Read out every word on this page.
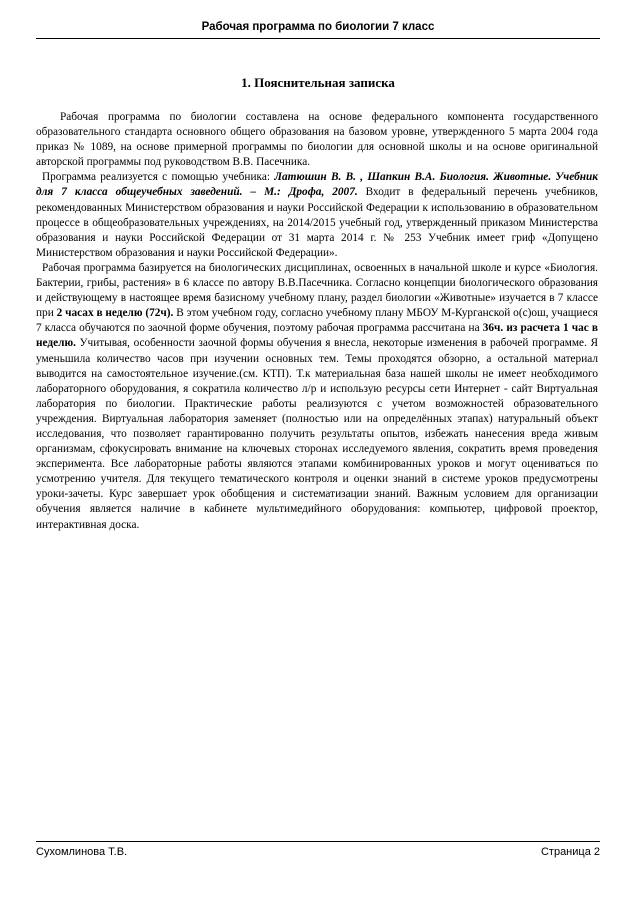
Рабочая программа по биологии 7 класс
1. Пояснительная записка

Рабочая программа по биологии составлена на основе федерального компонента государственного образовательного стандарта основного общего образования на базовом уровне, утвержденного 5 марта 2004 года приказ № 1089, на основе примерной программы по биологии для основной школы и на основе оригинальной авторской программы под руководством В.В. Пасечника.

Программа реализуется с помощью учебника: Латюшин В. В. , Шапкин В.А. Биология. Животные. Учебник для 7 класса общеучебных заведений. – М.: Дрофа, 2007. Входит в федеральный перечень учебников, рекомендованных Министерством образования и науки Российской Федерации к использованию в образовательном процессе в общеобразовательных учреждениях, на 2014/2015 учебный год, утвержденный приказом Министерства образования и науки Российской Федерации от 31 марта 2014 г. № 253 Учебник имеет гриф «Допущено Министерством образования и науки Российской Федерации».

Рабочая программа базируется на биологических дисциплинах, освоенных в начальной школе и курсе «Биология. Бактерии, грибы, растения» в 6 классе по автору В.В.Пасечника. Согласно концепции биологического образования и действующему в настоящее время базисному учебному плану, раздел биологии «Животные» изучается в 7 классе при 2 часах в неделю (72ч). В этом учебном году, согласно учебному плану МБОУ М-Курганской о(с)ош, учащиеся 7 класса обучаются по заочной форме обучения, поэтому рабочая программа рассчитана на 36ч. из расчета 1 час в неделю. Учитывая, особенности заочной формы обучения я внесла, некоторые изменения в рабочей программе. Я уменьшила количество часов при изучении основных тем. Темы проходятся обзорно, а остальной материал выводится на самостоятельное изучение.(см. КТП). Т.к материальная база нашей школы не имеет необходимого лабораторного оборудования, я сократила количество л/р и использую ресурсы сети Интернет - сайт Виртуальная лаборатория по биологии. Практические работы реализуются с учетом возможностей образовательного учреждения. Виртуальная лаборатория заменяет (полностью или на определённых этапах) натуральный объект исследования, что позволяет гарантированно получить результаты опытов, избежать нанесения вреда живым организмам, сфокусировать внимание на ключевых сторонах исследуемого явления, сократить время проведения эксперимента. Все лабораторные работы являются этапами комбинированных уроков и могут оцениваться по усмотрению учителя. Для текущего тематического контроля и оценки знаний в системе уроков предусмотрены уроки-зачеты. Курс завершает урок обобщения и систематизации знаний. Важным условием для организации обучения является наличие в кабинете мультимедийного оборудования: компьютер, цифровой проектор, интерактивная доска.

Сухомлинова Т.В.	Страница 2
